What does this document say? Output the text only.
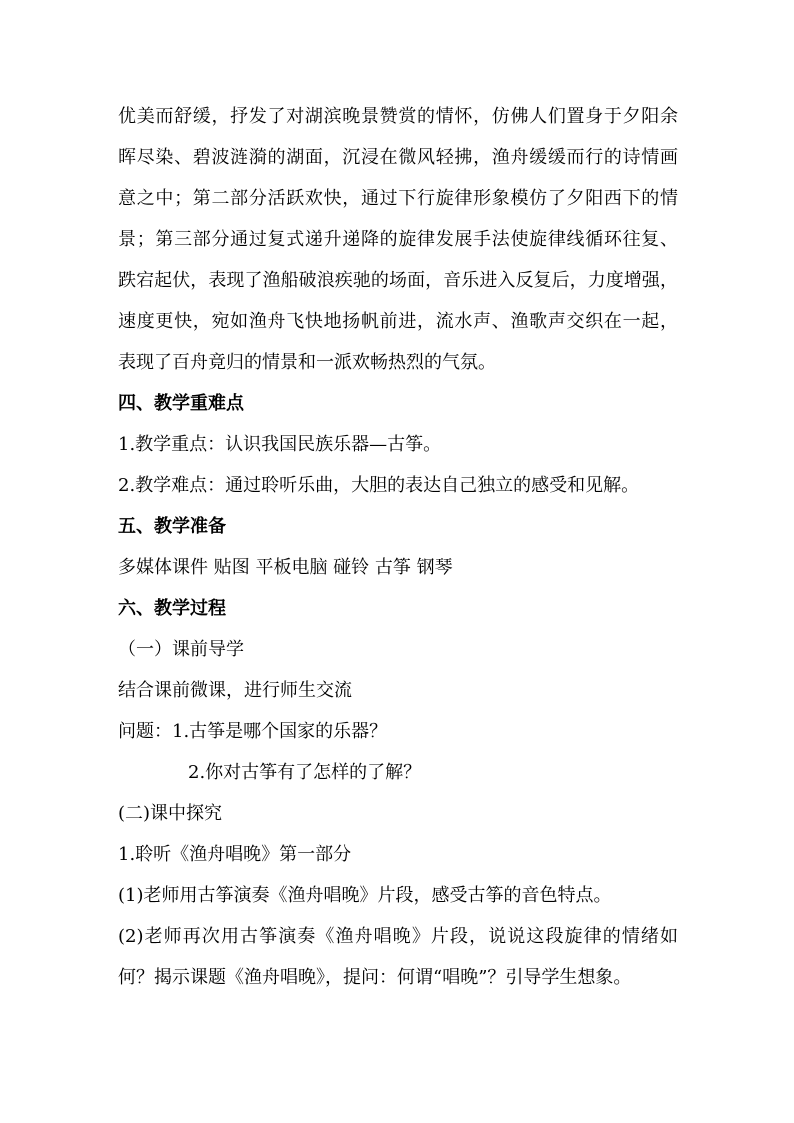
优美而舒缓，抒发了对湖滨晚景赞赏的情怀，仿佛人们置身于夕阳余

晖尽染、碧波涟漪的湖面，沉浸在微风轻拂，渔舟缓缓而行的诗情画

意之中；第二部分活跃欢快，通过下行旋律形象模仿了夕阳西下的情

景；第三部分通过复式递升递降的旋律发展手法使旋律线循环往复、

跌宕起伏，表现了渔船破浪疾驰的场面，音乐进入反复后，力度增强，

速度更快，宛如渔舟飞快地扬帆前进，流水声、渔歌声交织在一起，

表现了百舟竟归的情景和一派欢畅热烈的气氛。

四、教学重难点

1.教学重点：认识我国民族乐器—古筝。

2.教学难点：通过聆听乐曲，大胆的表达自己独立的感受和见解。

五、教学准备

多媒体课件 贴图 平板电脑 碰铃 古筝 钢琴

六、教学过程

（一）课前导学

结合课前微课，进行师生交流

问题：1.古筝是哪个国家的乐器？

2.你对古筝有了怎样的了解？

(二)课中探究

1.聆听《渔舟唱晚》第一部分

(1)老师用古筝演奏《渔舟唱晚》片段，感受古筝的音色特点。

(2)老师再次用古筝演奏《渔舟唱晚》片段，说说这段旋律的情绪如

何？揭示课题《渔舟唱晚》，提问：何谓“唱晚”？引导学生想象。
